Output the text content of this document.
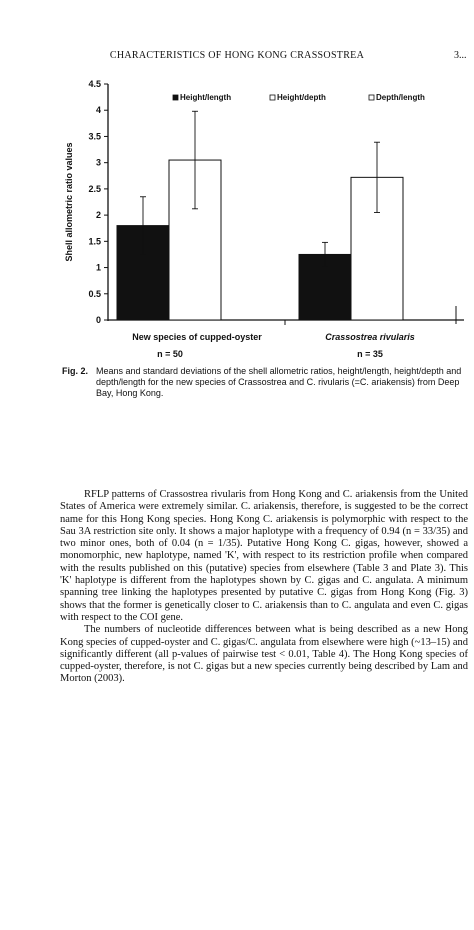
CHARACTERISTICS OF HONG KONG CRASSOSTREA	3...
0
0.5
1
1.5
2
2.5
3
3.5
4
4.5
Shell allometric ratio values
New species of cupped-oyster
n = 50
Crassostrea rivularis
n = 35
Height/length	Height/depth	Depth/length
Fig. 2. Means and standard deviations of the shell allometric ratios, height/length, height/depth and depth/length for the new species of Crassostrea and C. rivularis (=C. ariakensis) from Deep Bay, Hong Kong.

RFLP patterns of Crassostrea rivularis from Hong Kong and C. ariakensis from the United States of America were extremely similar. C. ariakensis, therefore, is suggested to be the correct name for this Hong Kong species. Hong Kong C. ariakensis is polymorphic with respect to the Sau 3A restriction site only. It shows a major haplotype with a frequency of 0.94 (n = 33/35) and two minor ones, both of 0.04 (n = 1/35). Putative Hong Kong C. gigas, however, showed a monomorphic, new haplotype, named 'K', with respect to its restriction profile when compared with the results published on this (putative) species from elsewhere (Table 3 and Plate 3). This 'K' haplotype is different from the haplotypes shown by C. gigas and C. angulata. A minimum spanning tree linking the haplotypes presented by putative C. gigas from Hong Kong (Fig. 3) shows that the former is genetically closer to C. ariakensis than to C. angulata and even C. gigas with respect to the COI gene.

The numbers of nucleotide differences between what is being described as a new Hong Kong species of cupped-oyster and C. gigas/C. angulata from elsewhere were high (~13–15) and significantly different (all p-values of pairwise test < 0.01, Table 4). The Hong Kong species of cupped-oyster, therefore, is not C. gigas but a new species currently being described by Lam and Morton (2003).
